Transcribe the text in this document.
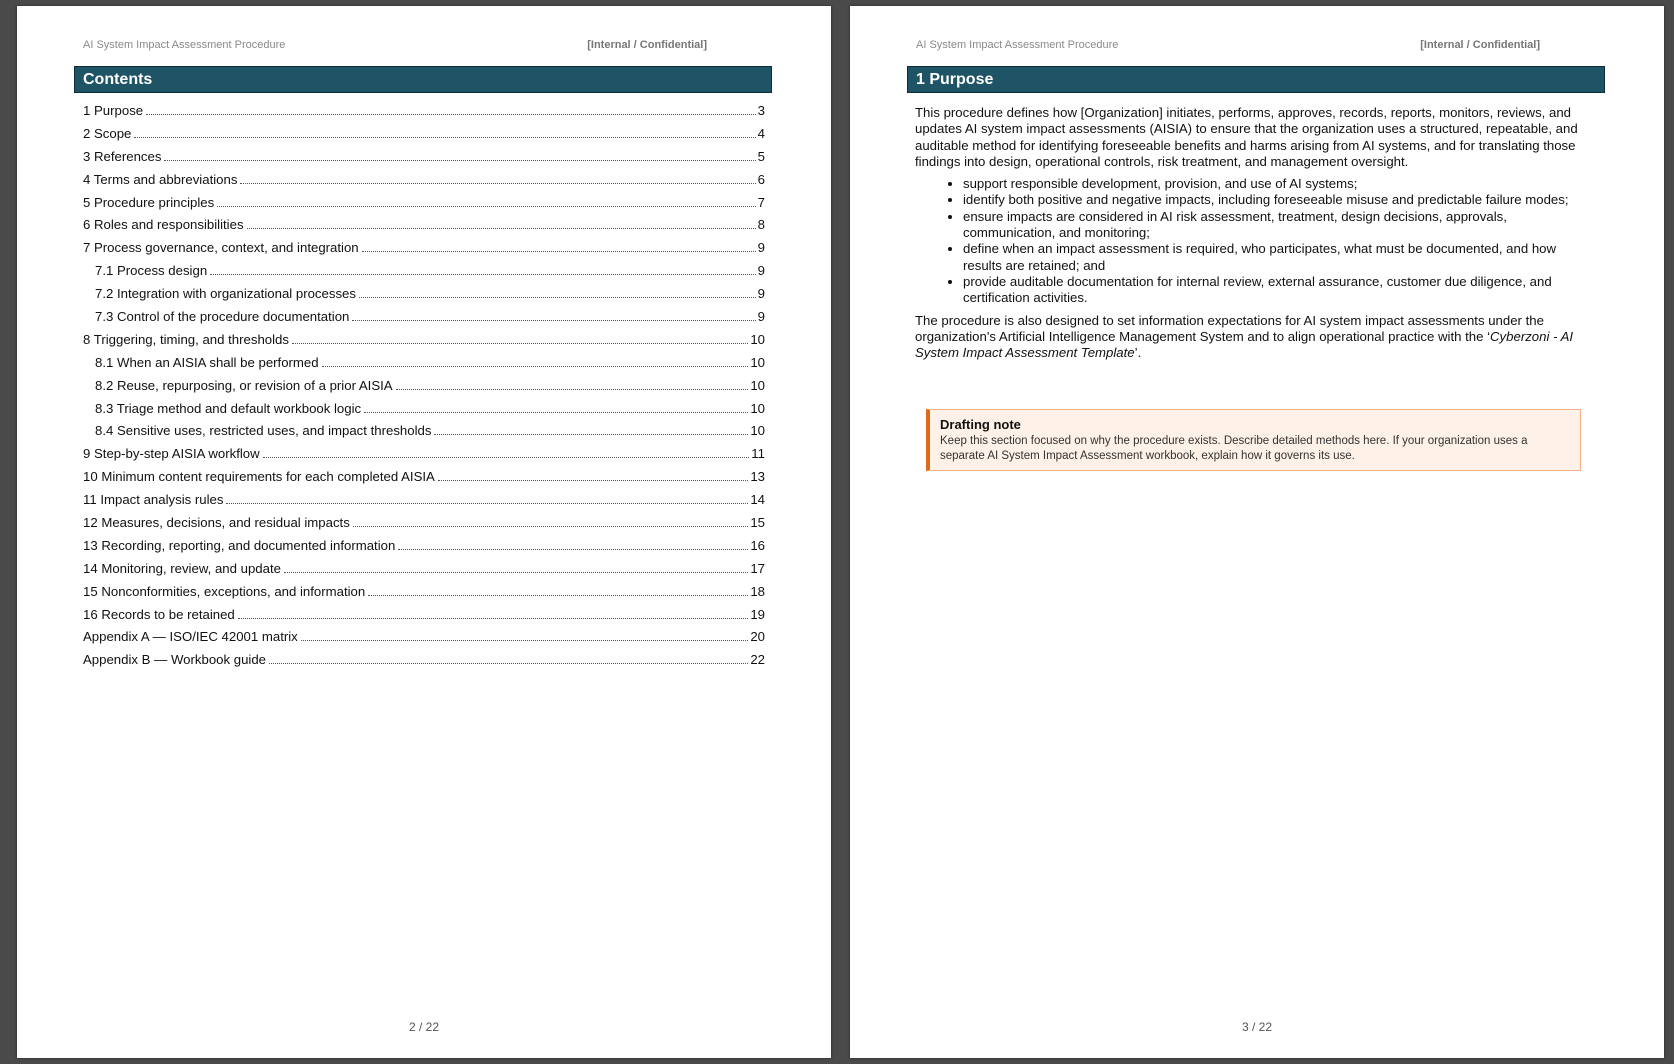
AI System Impact Assessment Procedure	[Internal / Confidential]
Contents
1 Purpose	3
2 Scope	4
3 References	5
4 Terms and abbreviations	6
5 Procedure principles	7
6 Roles and responsibilities	8
7 Process governance, context, and integration	9
7.1 Process design	9
7.2 Integration with organizational processes	9
7.3 Control of the procedure documentation	9
8 Triggering, timing, and thresholds	10
8.1 When an AISIA shall be performed	10
8.2 Reuse, repurposing, or revision of a prior AISIA	10
8.3 Triage method and default workbook logic	10
8.4 Sensitive uses, restricted uses, and impact thresholds	10
9 Step-by-step AISIA workflow	11
10 Minimum content requirements for each completed AISIA	13
11 Impact analysis rules	14
12 Measures, decisions, and residual impacts	15
13 Recording, reporting, and documented information	16
14 Monitoring, review, and update	17
15 Nonconformities, exceptions, and information	18
16 Records to be retained	19
Appendix A — ISO/IEC 42001 matrix	20
Appendix B — Workbook guide	22
2 / 22
AI System Impact Assessment Procedure	[Internal / Confidential]
1 Purpose

This procedure defines how [Organization] initiates, performs, approves, records, reports, monitors, reviews, and updates AI system impact assessments (AISIA) to ensure that the organization uses a structured, repeatable, and auditable method for identifying foreseeable benefits and harms arising from AI systems, and for translating those findings into design, operational controls, risk treatment, and management oversight.

• support responsible development, provision, and use of AI systems;
• identify both positive and negative impacts, including foreseeable misuse and predictable failure modes;
• ensure impacts are considered in AI risk assessment, treatment, design decisions, approvals, communication, and monitoring;
• define when an impact assessment is required, who participates, what must be documented, and how results are retained; and
• provide auditable documentation for internal review, external assurance, customer due diligence, and certification activities.

The procedure is also designed to set information expectations for AI system impact assessments under the organization's Artificial Intelligence Management System and to align operational practice with the ‘Cyberzoni - AI System Impact Assessment Template’.

Drafting note
Keep this section focused on why the procedure exists. Describe detailed methods here. If your organization uses a separate AI System Impact Assessment workbook, explain how it governs its use.
3 / 22
